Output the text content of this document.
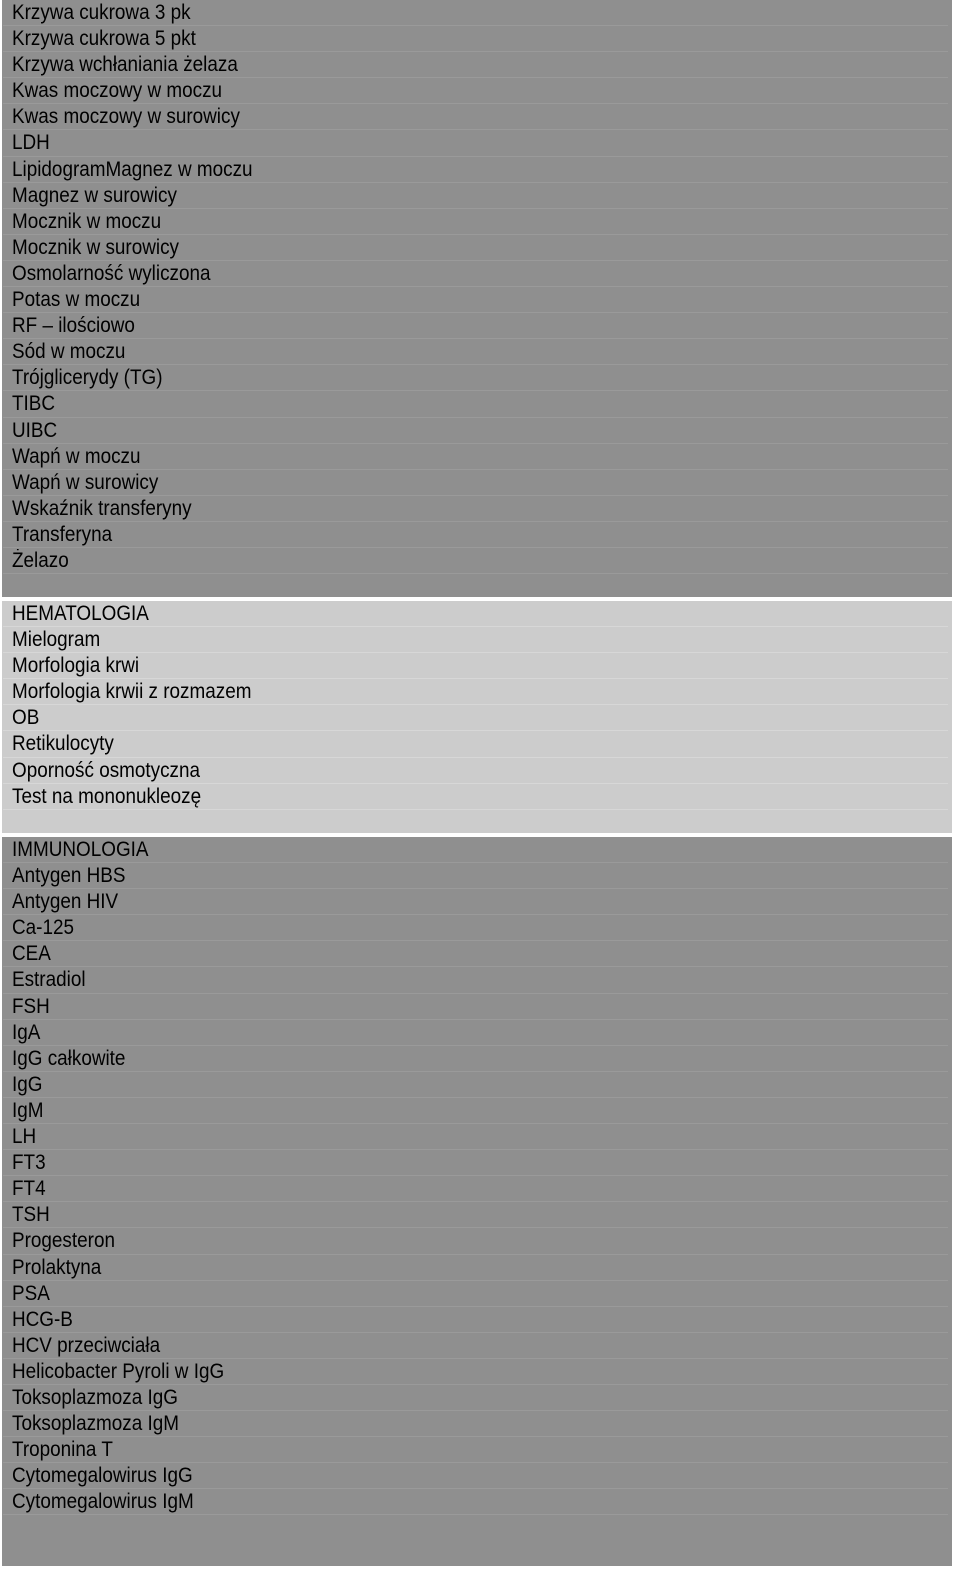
Krzywa cukrowa 3 pk
Krzywa cukrowa 5 pkt
Krzywa wchłaniania żelaza
Kwas moczowy w moczu
Kwas moczowy w surowicy
LDH
LipidogramMagnez w moczu
Magnez w surowicy
Mocznik w moczu
Mocznik w surowicy
Osmolarność wyliczona
Potas w moczu
RF – ilościowo
Sód w moczu
Trójglicerydy (TG)
TIBC
UIBC
Wapń w moczu
Wapń w surowicy
Wskaźnik transferyny
Transferyna
Żelazo
HEMATOLOGIA
Mielogram
Morfologia krwi
Morfologia krwii z rozmazem
OB
Retikulocyty
Oporność osmotyczna
Test na mononukleozę
IMMUNOLOGIA
Antygen HBS
Antygen HIV
Ca-125
CEA
Estradiol
FSH
IgA
IgG całkowite
IgG
IgM
LH
FT3
FT4
TSH
Progesteron
Prolaktyna
PSA
HCG-B
HCV przeciwciała
Helicobacter Pyroli w IgG
Toksoplazmoza IgG
Toksoplazmoza IgM
Troponina T
Cytomegalowirus IgG
Cytomegalowirus IgM
